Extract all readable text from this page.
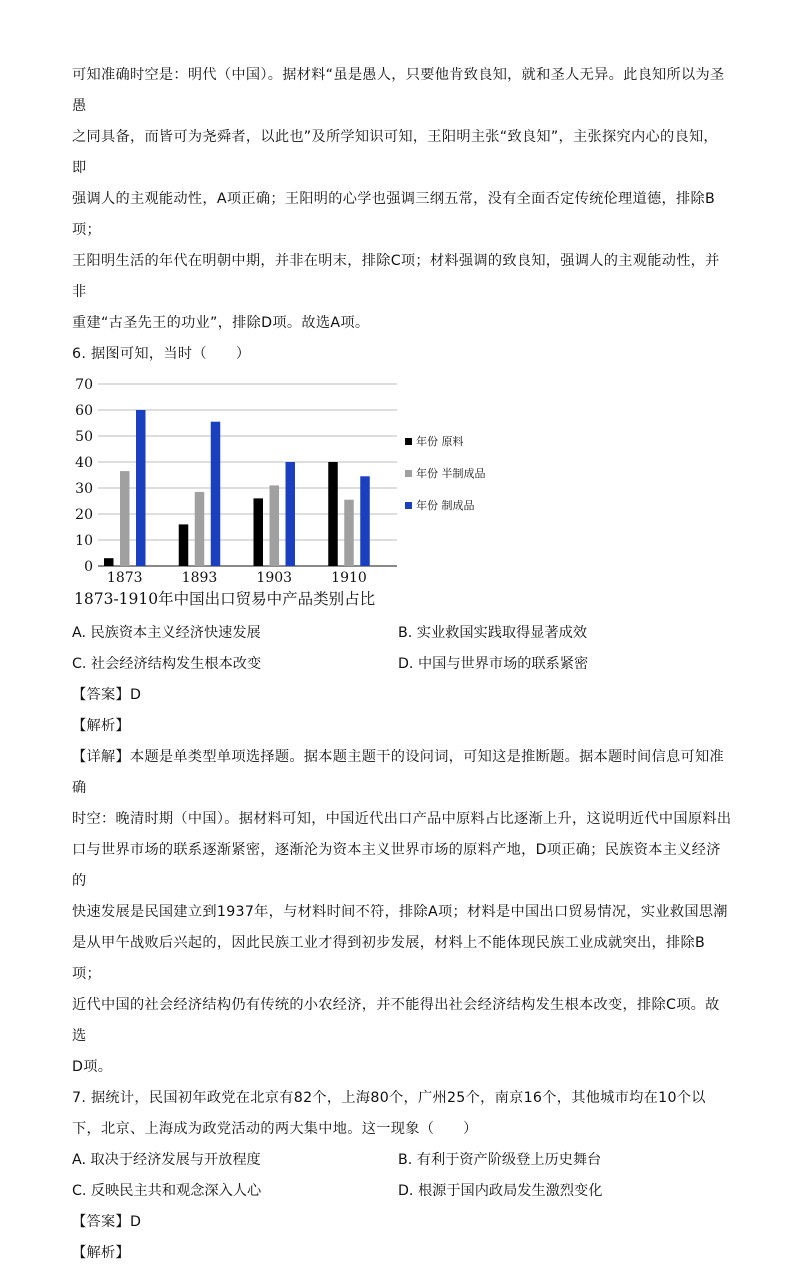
可知准确时空是：明代（中国）。据材料“虽是愚人，只要他肯致良知，就和圣人无异。此良知所以为圣愚

之同具备，而皆可为尧舜者，以此也”及所学知识可知，王阳明主张“致良知”，主张探究内心的良知，即

强调人的主观能动性，A项正确；王阳明的心学也强调三纲五常，没有全面否定传统伦理道德，排除B项；

王阳明生活的年代在明朝中期，并非在明末，排除C项；材料强调的致良知，强调人的主观能动性，并非

重建“古圣先王的功业”，排除D项。故选A项。

6. 据图可知，当时（　　）

0
10
20
30
40
50
60
70
1873	1893	1903	1910
年份 原料
年份 半制成品
年份 制成品
1873-1910年中国出口贸易中产品类别占比
A. 民族资本主义经济快速发展	B. 实业救国实践取得显著成效
C. 社会经济结构发生根本改变	D. 中国与世界市场的联系紧密

【答案】D

【解析】

【详解】本题是单类型单项选择题。据本题主题干的设问词，可知这是推断题。据本题时间信息可知准确

时空：晚清时期（中国）。据材料可知，中国近代出口产品中原料占比逐渐上升，这说明近代中国原料出

口与世界市场的联系逐渐紧密，逐渐沦为资本主义世界市场的原料产地，D项正确；民族资本主义经济的

快速发展是民国建立到1937年，与材料时间不符，排除A项；材料是中国出口贸易情况，实业救国思潮

是从甲午战败后兴起的，因此民族工业才得到初步发展，材料上不能体现民族工业成就突出，排除B项；

近代中国的社会经济结构仍有传统的小农经济，并不能得出社会经济结构发生根本改变，排除C项。故选

D项。

7. 据统计，民国初年政党在北京有82个，上海80个，广州25个，南京16个，其他城市均在10个以

下，北京、上海成为政党活动的两大集中地。这一现象（　　）

A. 取决于经济发展与开放程度	B. 有利于资产阶级登上历史舞台
C. 反映民主共和观念深入人心	D. 根源于国内政局发生激烈变化

【答案】D

【解析】
